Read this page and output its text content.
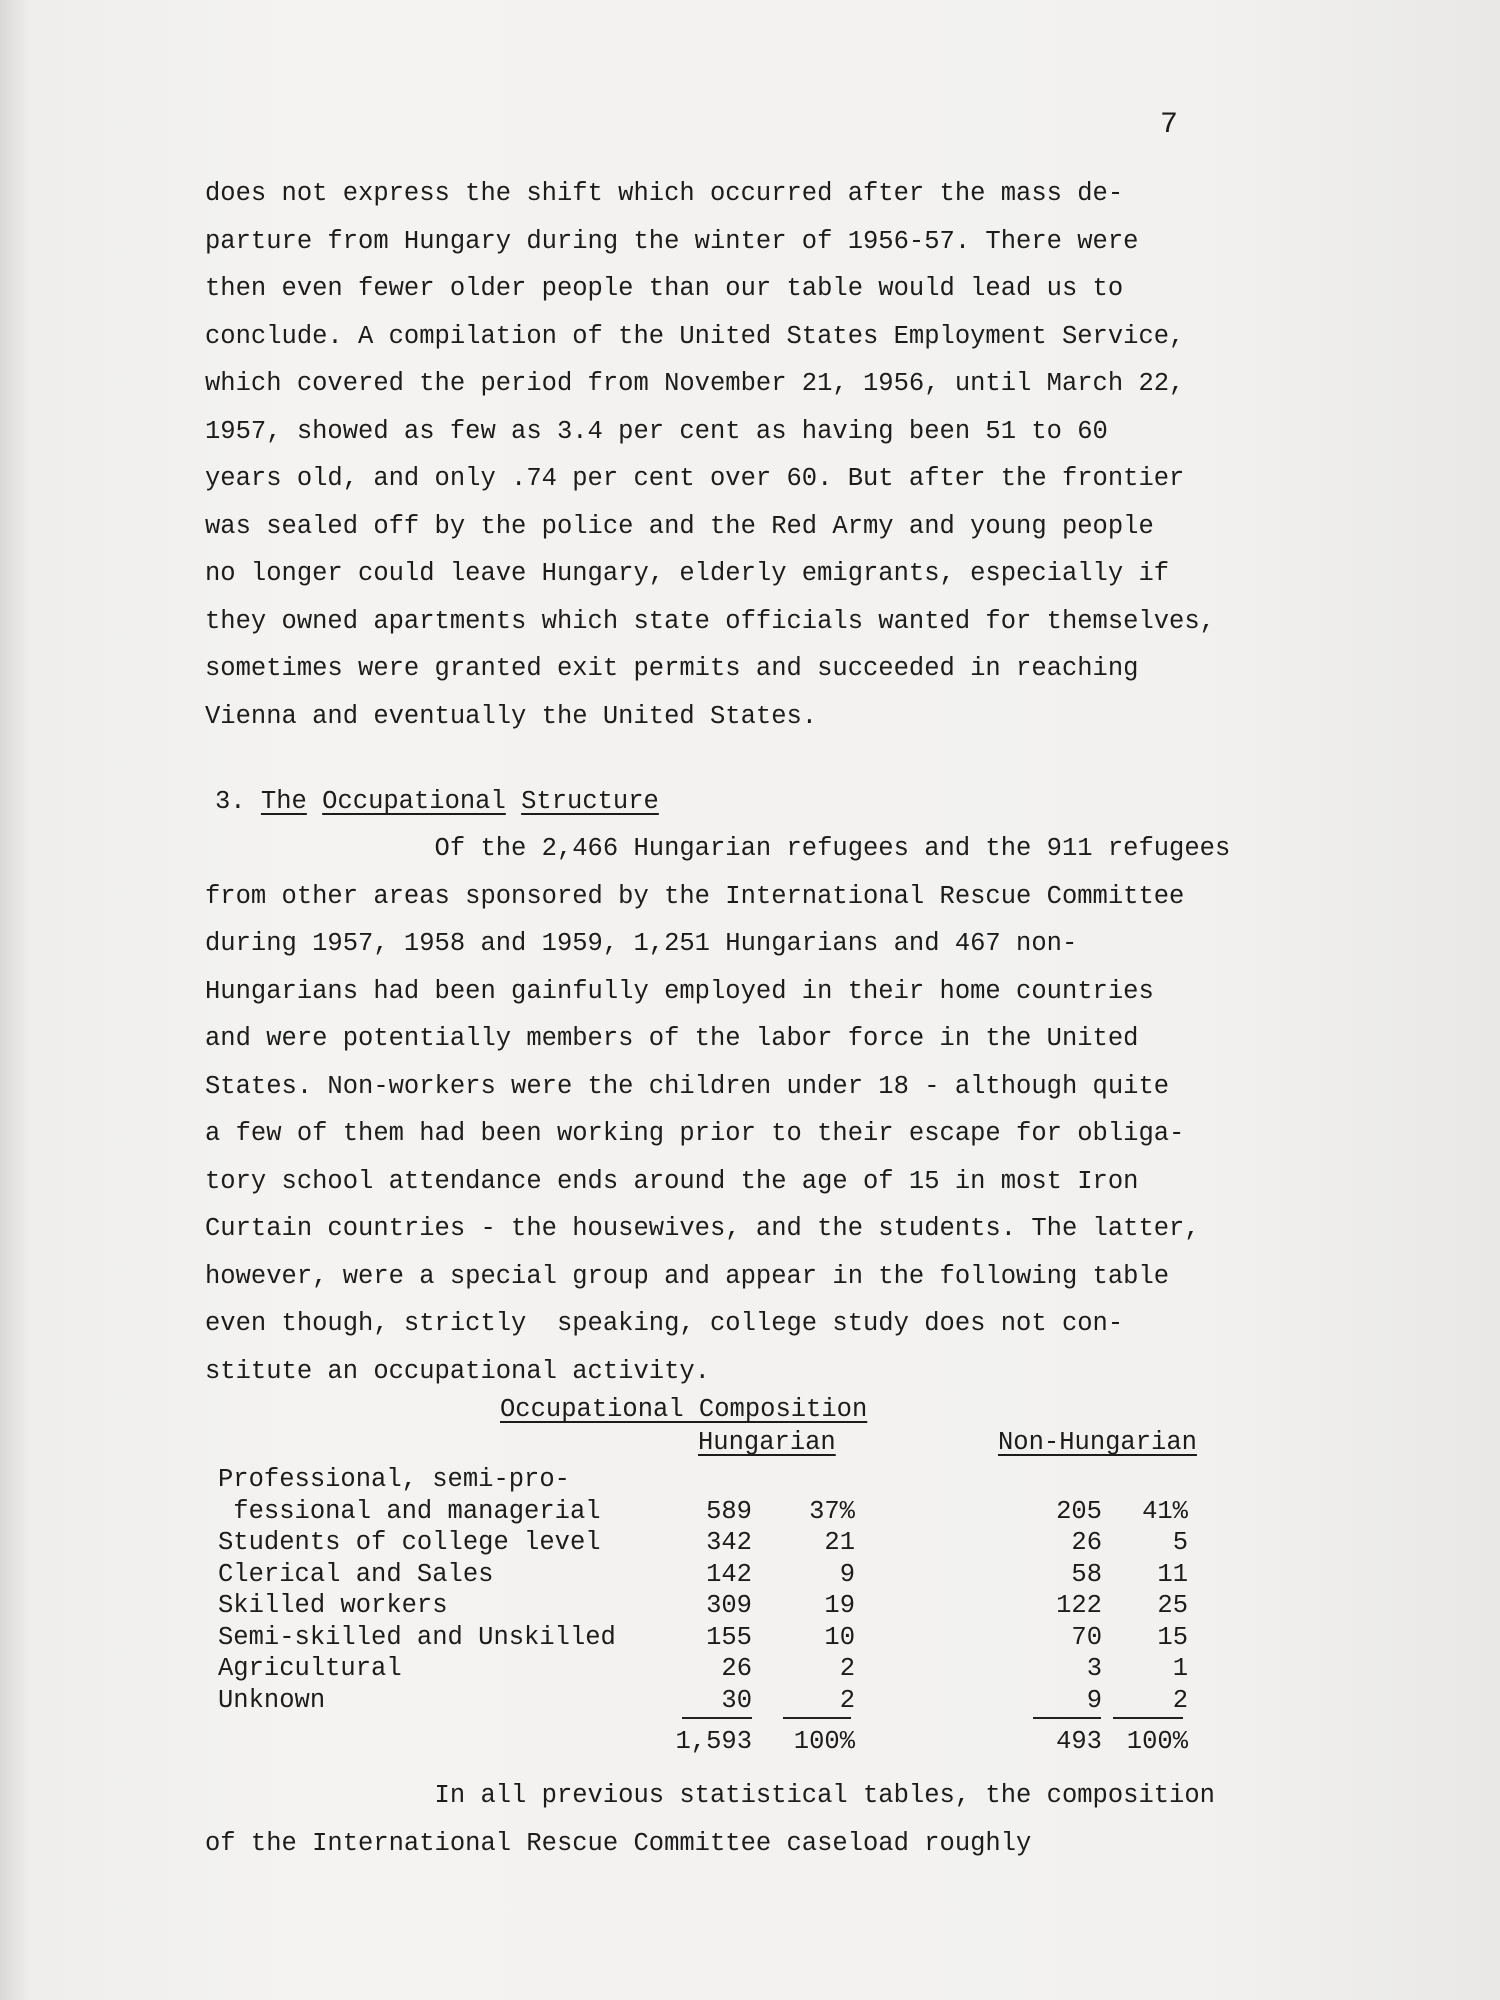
7
does not express the shift which occurred after the mass de-
parture from Hungary during the winter of 1956-57. There were
then even fewer older people than our table would lead us to
conclude. A compilation of the United States Employment Service,
which covered the period from November 21, 1956, until March 22,
1957, showed as few as 3.4 per cent as having been 51 to 60
years old, and only .74 per cent over 60. But after the frontier
was sealed off by the police and the Red Army and young people
no longer could leave Hungary, elderly emigrants, especially if
they owned apartments which state officials wanted for themselves,
sometimes were granted exit permits and succeeded in reaching
Vienna and eventually the United States.
3. The Occupational Structure
Of the 2,466 Hungarian refugees and the 911 refugees
from other areas sponsored by the International Rescue Committee
during 1957, 1958 and 1959, 1,251 Hungarians and 467 non-
Hungarians had been gainfully employed in their home countries
and were potentially members of the labor force in the United
States. Non-workers were the children under 18 - although quite
a few of them had been working prior to their escape for obliga-
tory school attendance ends around the age of 15 in most Iron
Curtain countries - the housewives, and the students. The latter,
however, were a special group and appear in the following table
even though, strictly  speaking, college study does not con-
stitute an occupational activity.
Occupational Composition
Hungarian	Non-Hungarian
Professional, semi-pro-
fessional and managerial	589	37%	205	41%
Students of college level	342	21	26	5
Clerical and Sales	142	9	58	11
Skilled workers	309	19	122	25
Semi-skilled and Unskilled	155	10	70	15
Agricultural	26	2	3	1
Unknown	30	2	9	2
1,593	100%	493 100%
In all previous statistical tables, the composition
of the International Rescue Committee caseload roughly
